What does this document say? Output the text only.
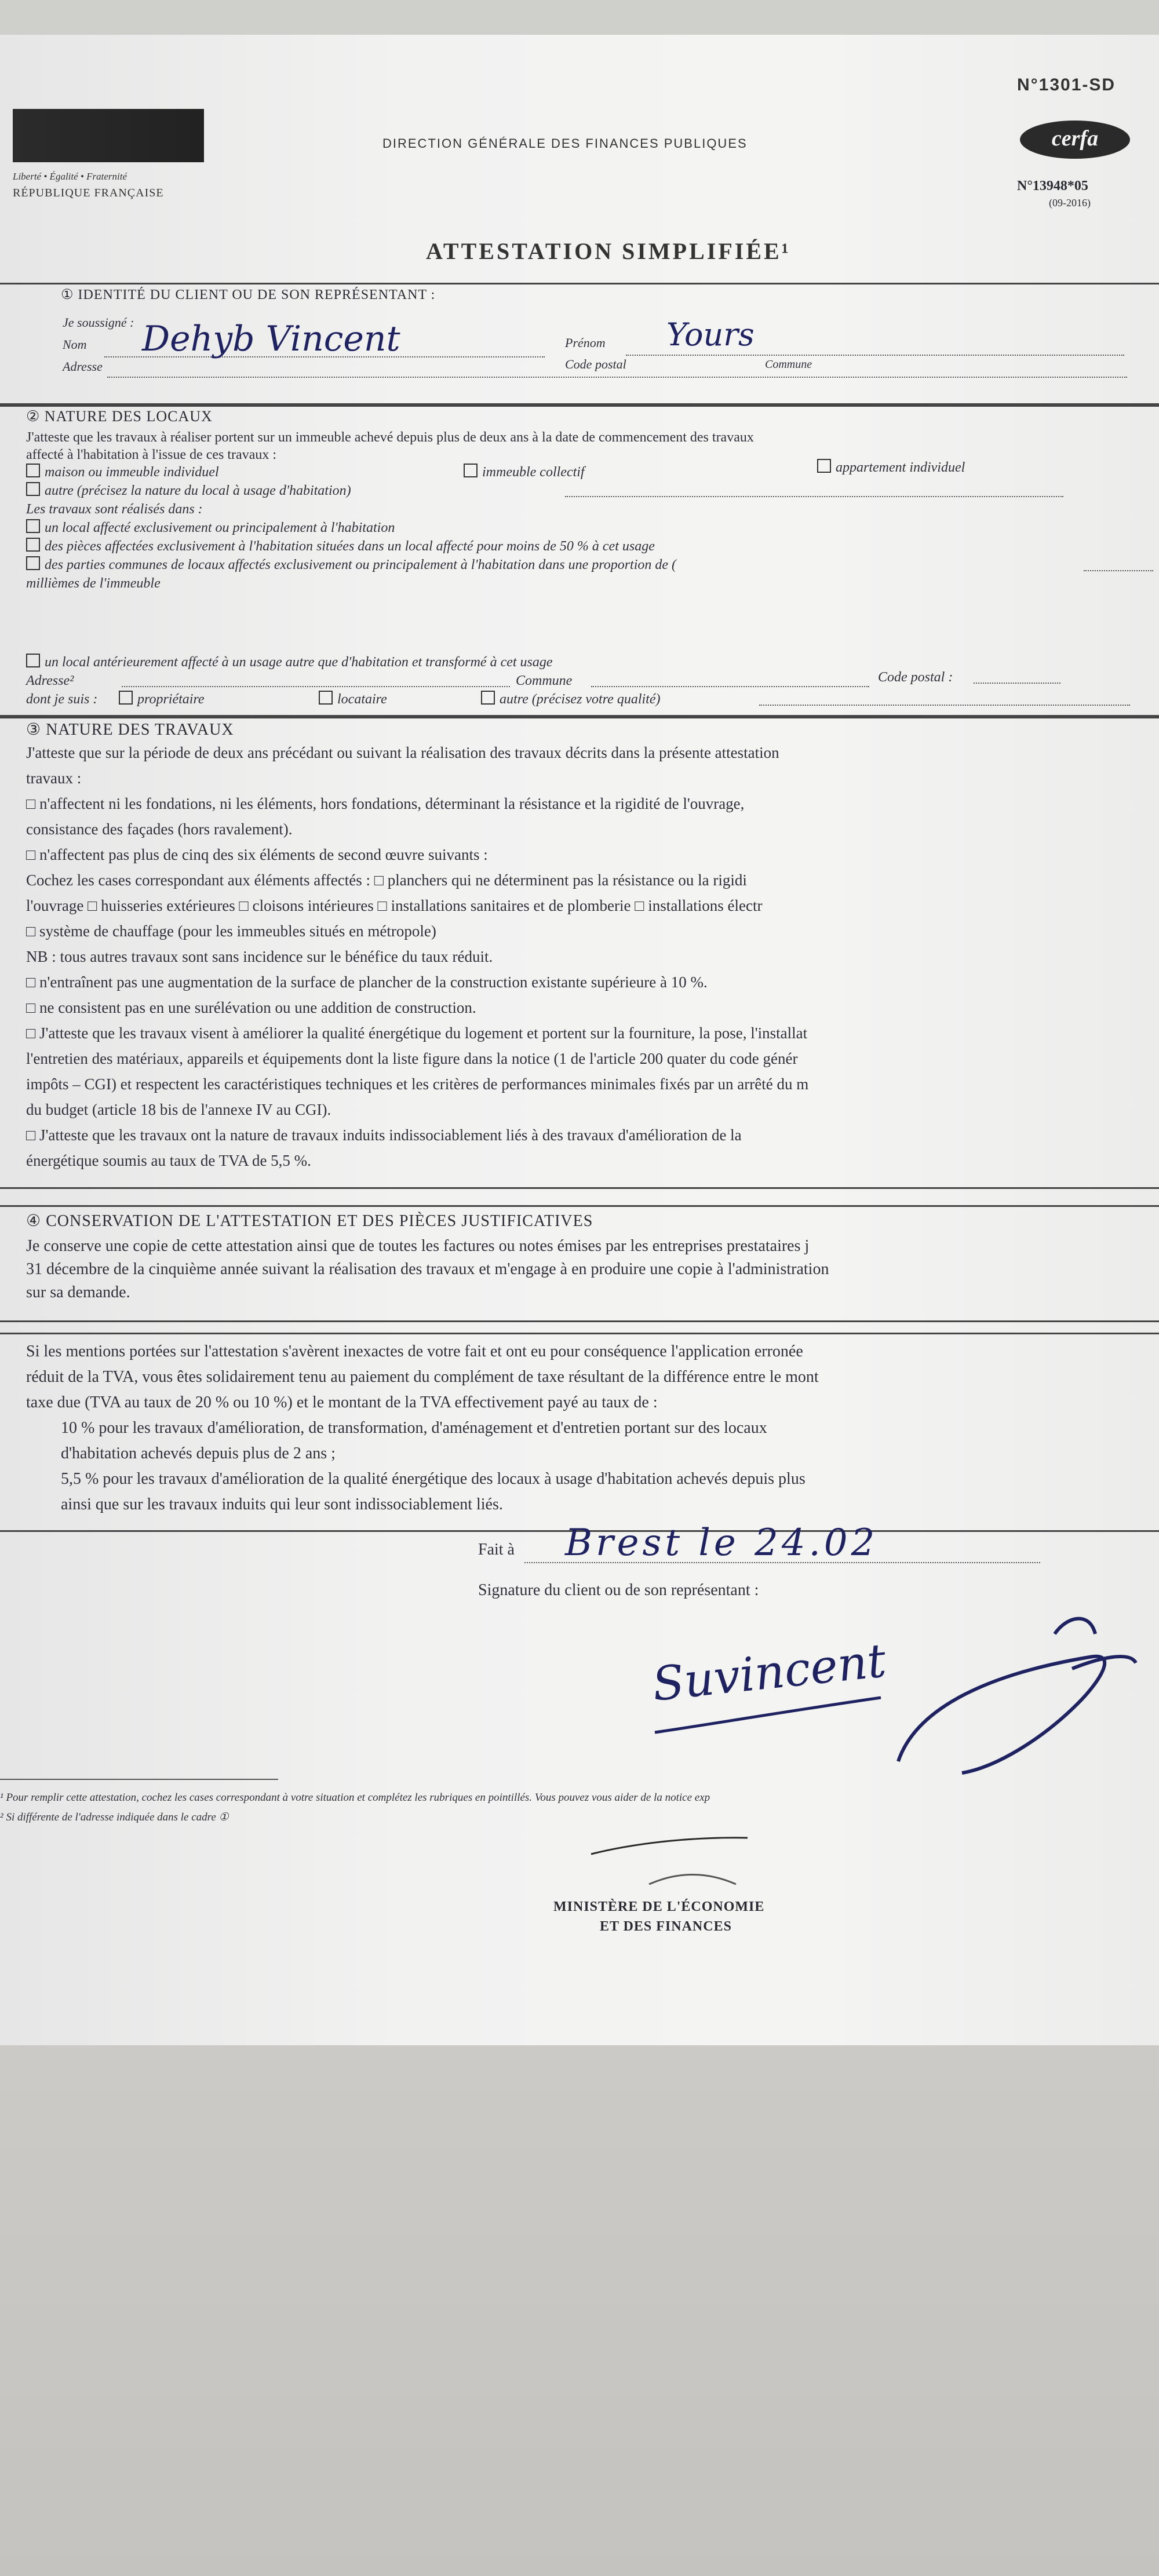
N°1301-SD
Liberté • Égalité • Fraternité
RÉPUBLIQUE FRANÇAISE
DIRECTION GÉNÉRALE DES FINANCES PUBLIQUES	cerfa
N°13948*05
(09-2016)
ATTESTATION SIMPLIFIÉE¹
① IDENTITÉ DU CLIENT OU DE SON REPRÉSENTANT :
Je soussigné :
Nom
Adresse
Dehyb Vincent	Prénom Yours
Code postal	Commune
② NATURE DES LOCAUX
J'atteste que les travaux à réaliser portent sur un immeuble achevé depuis plus de deux ans à la date de commencement des travaux
affecté à l'habitation à l'issue de ces travaux :
maison ou immeuble individuel	immeuble collectif	appartement individuel
autre (précisez la nature du local à usage d'habitation)
Les travaux sont réalisés dans :
un local affecté exclusivement ou principalement à l'habitation
des pièces affectées exclusivement à l'habitation situées dans un local affecté pour moins de 50 % à cet usage
des parties communes de locaux affectés exclusivement ou principalement à l'habitation dans une proportion de (
millièmes de l'immeuble
un local antérieurement affecté à un usage autre que d'habitation et transformé à cet usage
Adresse²	Commune	Code postal :
dont je suis :	propriétaire	locataire	autre (précisez votre qualité)
③ NATURE DES TRAVAUX
J'atteste que sur la période de deux ans précédant ou suivant la réalisation des travaux décrits dans la présente attestation
travaux :
□ n'affectent ni les fondations, ni les éléments, hors fondations, déterminant la résistance et la rigidité de l'ouvrage,
consistance des façades (hors ravalement).
□ n'affectent pas plus de cinq des six éléments de second œuvre suivants :
Cochez les cases correspondant aux éléments affectés : □ planchers qui ne déterminent pas la résistance ou la rigidi
l'ouvrage □ huisseries extérieures □ cloisons intérieures □ installations sanitaires et de plomberie □ installations électr
□ système de chauffage (pour les immeubles situés en métropole)
NB : tous autres travaux sont sans incidence sur le bénéfice du taux réduit.
□ n'entraînent pas une augmentation de la surface de plancher de la construction existante supérieure à 10 %.
□ ne consistent pas en une surélévation ou une addition de construction.
□ J'atteste que les travaux visent à améliorer la qualité énergétique du logement et portent sur la fourniture, la pose, l'installat
l'entretien des matériaux, appareils et équipements dont la liste figure dans la notice (1 de l'article 200 quater du code génér
impôts – CGI) et respectent les caractéristiques techniques et les critères de performances minimales fixés par un arrêté du m
du budget (article 18 bis de l'annexe IV au CGI).
□ J'atteste que les travaux ont la nature de travaux induits indissociablement liés à des travaux d'amélioration de la
énergétique soumis au taux de TVA de 5,5 %.
④ CONSERVATION DE L'ATTESTATION ET DES PIÈCES JUSTIFICATIVES
Je conserve une copie de cette attestation ainsi que de toutes les factures ou notes émises par les entreprises prestataires j
31 décembre de la cinquième année suivant la réalisation des travaux et m'engage à en produire une copie à l'administration
sur sa demande.
Si les mentions portées sur l'attestation s'avèrent inexactes de votre fait et ont eu pour conséquence l'application erronée
réduit de la TVA, vous êtes solidairement tenu au paiement du complément de taxe résultant de la différence entre le mont
taxe due (TVA au taux de 20 % ou 10 %) et le montant de la TVA effectivement payé au taux de :
10 % pour les travaux d'amélioration, de transformation, d'aménagement et d'entretien portant sur des locaux
d'habitation achevés depuis plus de 2 ans ;
5,5 % pour les travaux d'amélioration de la qualité énergétique des locaux à usage d'habitation achevés depuis plus
ainsi que sur les travaux induits qui leur sont indissociablement liés.
Fait à Brest le 24.02
Signature du client ou de son représentant :
Suvincent
¹ Pour remplir cette attestation, cochez les cases correspondant à votre situation et complétez les rubriques en pointillés. Vous pouvez vous aider de la notice exp
² Si différente de l'adresse indiquée dans le cadre ①
MINISTÈRE DE L'ÉCONOMIE
ET DES FINANCES
